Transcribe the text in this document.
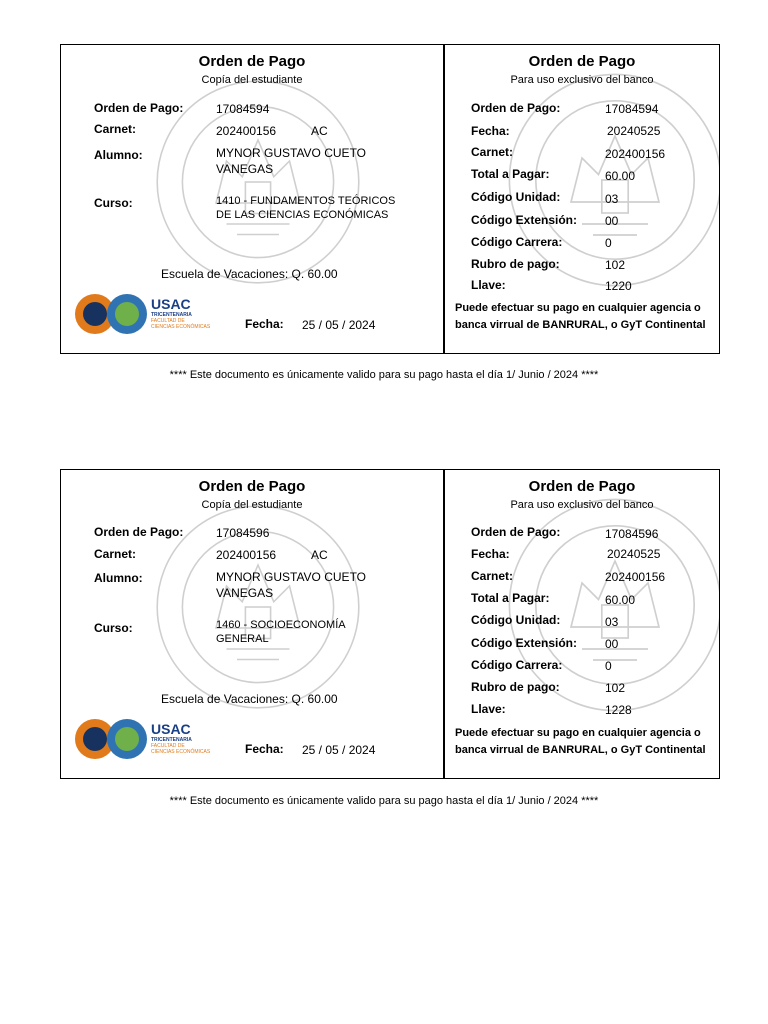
Orden de Pago
Copía del estudiante
Orden de Pago:	17084594
Carnet:	202400156	AC
Alumno:	MYNOR GUSTAVO CUETO
VANEGAS
Curso:	1410 - FUNDAMENTOS TEÓRICOS
DE LAS CIENCIAS ECONÓMICAS
Escuela de Vacaciones: Q. 60.00
USAC
TRICENTENARIA
FACULTAD DE
CIENCIAS ECONÓMICAS	Fecha: 25 / 05 / 2024
Orden de Pago
Para uso exclusivo del banco
Orden de Pago:	17084594
Fecha:	20240525
Carnet:	202400156
Total a Pagar:	60.00
Código Unidad:	03
Código Extensión: 00
Código Carrera:	0
Rubro de pago:	102
Llave:	1220
Puede efectuar su pago en cualquier agencia o banca virrual de BANRURAL, o GyT Continental
**** Este documento es únicamente valido para su pago hasta el día 1/ Junio / 2024 ****
Orden de Pago
Copía del estudiante
Orden de Pago:	17084596
Carnet:	202400156	AC
Alumno:	MYNOR GUSTAVO CUETO
VANEGAS
Curso:	1460 - SOCIOECONOMÍA
GENERAL
Escuela de Vacaciones: Q. 60.00
USAC
TRICENTENARIA
FACULTAD DE
CIENCIAS ECONÓMICAS	Fecha: 25 / 05 / 2024
Orden de Pago
Para uso exclusivo del banco
Orden de Pago:	17084596
Fecha:	20240525
Carnet:	202400156
Total a Pagar:	60.00
Código Unidad:	03
Código Extensión: 00
Código Carrera:	0
Rubro de pago:	102
Llave:	1228
Puede efectuar su pago en cualquier agencia o banca virrual de BANRURAL, o GyT Continental
**** Este documento es únicamente valido para su pago hasta el día 1/ Junio / 2024 ****
